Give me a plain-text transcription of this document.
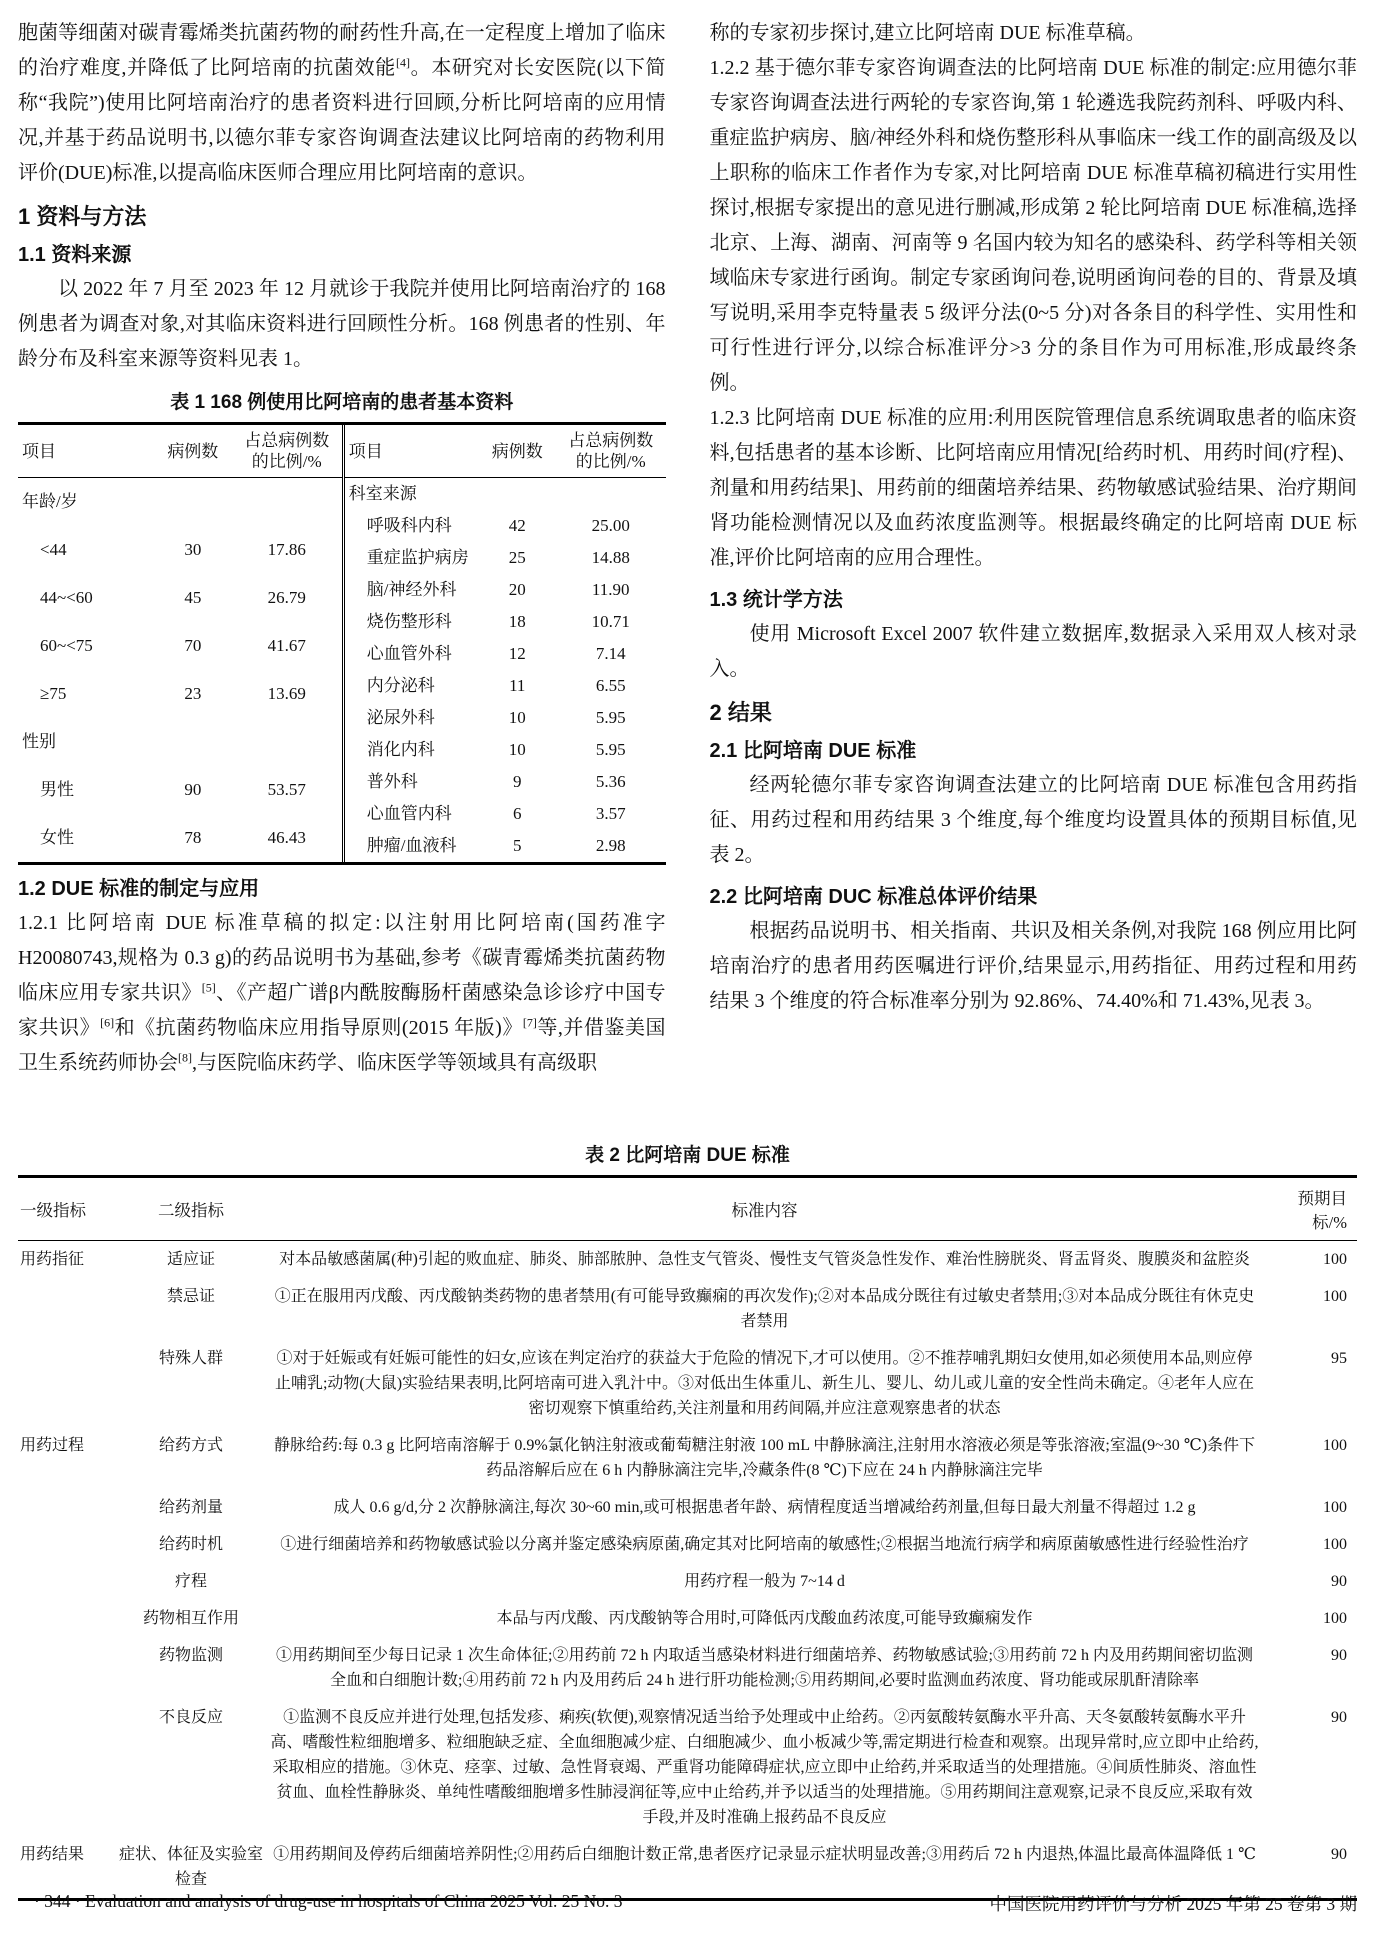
胞菌等细菌对碳青霉烯类抗菌药物的耐药性升高,在一定程度上增加了临床的治疗难度,并降低了比阿培南的抗菌效能[4]。本研究对长安医院(以下简称“我院”)使用比阿培南治疗的患者资料进行回顾,分析比阿培南的应用情况,并基于药品说明书,以德尔菲专家咨询调查法建议比阿培南的药物利用评价(DUE)标准,以提高临床医师合理应用比阿培南的意识。

1 资料与方法
1.1 资料来源

以 2022 年 7 月至 2023 年 12 月就诊于我院并使用比阿培南治疗的 168 例患者为调查对象,对其临床资料进行回顾性分析。168 例患者的性别、年龄分布及科室来源等资料见表 1。

表 1 168 例使用比阿培南的患者基本资料
项目	病例数	占总病例数 的比例/%
年龄/岁		
<44	30	17.86
44~<60	45	26.79
60~<75	70	41.67
≥75	23	13.69
性别		
男性	90	53.57
女性	78	46.43
项目	病例数	占总病例数 的比例/%
科室来源		
呼吸科内科	42	25.00
重症监护病房	25	14.88
脑/神经外科	20	11.90
烧伤整形科	18	10.71
心血管外科	12	7.14
内分泌科	11	6.55
泌尿外科	10	5.95
消化内科	10	5.95
普外科	9	5.36
心血管内科	6	3.57
肿瘤/血液科	5	2.98
1.2 DUE 标准的制定与应用

1.2.1 比阿培南 DUE 标准草稿的拟定:以注射用比阿培南(国药准字 H20080743,规格为 0.3 g)的药品说明书为基础,参考《碳青霉烯类抗菌药物临床应用专家共识》[5]、《产超广谱β内酰胺酶肠杆菌感染急诊诊疗中国专家共识》[6]和《抗菌药物临床应用指导原则(2015 年版)》[7]等,并借鉴美国卫生系统药师协会[8],与医院临床药学、临床医学等领域具有高级职

称的专家初步探讨,建立比阿培南 DUE 标准草稿。

1.2.2 基于德尔菲专家咨询调查法的比阿培南 DUE 标准的制定:应用德尔菲专家咨询调查法进行两轮的专家咨询,第 1 轮遴选我院药剂科、呼吸内科、重症监护病房、脑/神经外科和烧伤整形科从事临床一线工作的副高级及以上职称的临床工作者作为专家,对比阿培南 DUE 标准草稿初稿进行实用性探讨,根据专家提出的意见进行删减,形成第 2 轮比阿培南 DUE 标准稿,选择北京、上海、湖南、河南等 9 名国内较为知名的感染科、药学科等相关领域临床专家进行函询。制定专家函询问卷,说明函询问卷的目的、背景及填写说明,采用李克特量表 5 级评分法(0~5 分)对各条目的科学性、实用性和可行性进行评分,以综合标准评分>3 分的条目作为可用标准,形成最终条例。

1.2.3 比阿培南 DUE 标准的应用:利用医院管理信息系统调取患者的临床资料,包括患者的基本诊断、比阿培南应用情况[给药时机、用药时间(疗程)、剂量和用药结果]、用药前的细菌培养结果、药物敏感试验结果、治疗期间肾功能检测情况以及血药浓度监测等。根据最终确定的比阿培南 DUE 标准,评价比阿培南的应用合理性。

1.3 统计学方法

使用 Microsoft Excel 2007 软件建立数据库,数据录入采用双人核对录入。

2 结果
2.1 比阿培南 DUE 标准

经两轮德尔菲专家咨询调查法建立的比阿培南 DUE 标准包含用药指征、用药过程和用药结果 3 个维度,每个维度均设置具体的预期目标值,见表 2。

2.2 比阿培南 DUC 标准总体评价结果

根据药品说明书、相关指南、共识及相关条例,对我院 168 例应用比阿培南治疗的患者用药医嘱进行评价,结果显示,用药指征、用药过程和用药结果 3 个维度的符合标准率分别为 92.86%、74.40%和 71.43%,见表 3。

表 2 比阿培南 DUE 标准
一级指标	二级指标	标准内容	预期目标/%
用药指征	适应证	对本品敏感菌属(种)引起的败血症、肺炎、肺部脓肿、急性支气管炎、慢性支气管炎急性发作、难治性膀胱炎、肾盂肾炎、腹膜炎和盆腔炎	100
	禁忌证	①正在服用丙戊酸、丙戊酸钠类药物的患者禁用(有可能导致癫痫的再次发作);②对本品成分既往有过敏史者禁用;③对本品成分既往有休克史者禁用	100
	特殊人群	①对于妊娠或有妊娠可能性的妇女,应该在判定治疗的获益大于危险的情况下,才可以使用。②不推荐哺乳期妇女使用,如必须使用本品,则应停止哺乳;动物(大鼠)实验结果表明,比阿培南可进入乳汁中。③对低出生体重儿、新生儿、婴儿、幼儿或儿童的安全性尚未确定。④老年人应在密切观察下慎重给药,关注剂量和用药间隔,并应注意观察患者的状态	95
用药过程	给药方式	静脉给药:每 0.3 g 比阿培南溶解于 0.9%氯化钠注射液或葡萄糖注射液 100 mL 中静脉滴注,注射用水溶液必须是等张溶液;室温(9~30 ℃)条件下药品溶解后应在 6 h 内静脉滴注完毕,冷藏条件(8 ℃)下应在 24 h 内静脉滴注完毕	100
	给药剂量	成人 0.6 g/d,分 2 次静脉滴注,每次 30~60 min,或可根据患者年龄、病情程度适当增减给药剂量,但每日最大剂量不得超过 1.2 g	100
	给药时机	①进行细菌培养和药物敏感试验以分离并鉴定感染病原菌,确定其对比阿培南的敏感性;②根据当地流行病学和病原菌敏感性进行经验性治疗	100
	疗程	用药疗程一般为 7~14 d	90
	药物相互作用	本品与丙戊酸、丙戊酸钠等合用时,可降低丙戊酸血药浓度,可能导致癫痫发作	100
	药物监测	①用药期间至少每日记录 1 次生命体征;②用药前 72 h 内取适当感染材料进行细菌培养、药物敏感试验;③用药前 72 h 内及用药期间密切监测全血和白细胞计数;④用药前 72 h 内及用药后 24 h 进行肝功能检测;⑤用药期间,必要时监测血药浓度、肾功能或尿肌酐清除率	90
	不良反应	①监测不良反应并进行处理,包括发疹、痢疾(软便),观察情况适当给予处理或中止给药。②丙氨酸转氨酶水平升高、天冬氨酸转氨酶水平升高、嗜酸性粒细胞增多、粒细胞缺乏症、全血细胞减少症、白细胞减少、血小板减少等,需定期进行检查和观察。出现异常时,应立即中止给药,采取相应的措施。③休克、痉挛、过敏、急性肾衰竭、严重肾功能障碍症状,应立即中止给药,并采取适当的处理措施。④间质性肺炎、溶血性贫血、血栓性静脉炎、单纯性嗜酸细胞增多性肺浸润征等,应中止给药,并予以适当的处理措施。⑤用药期间注意观察,记录不良反应,采取有效手段,并及时准确上报药品不良反应	90
用药结果	症状、体征及实验室检查	①用药期间及停药后细菌培养阴性;②用药后白细胞计数正常,患者医疗记录显示症状明显改善;③用药后 72 h 内退热,体温比最高体温降低 1 ℃	90
· 344 · Evaluation and analysis of drug-use in hospitals of China 2025 Vol. 25 No. 3	中国医院用药评价与分析 2025 年第 25 卷第 3 期
